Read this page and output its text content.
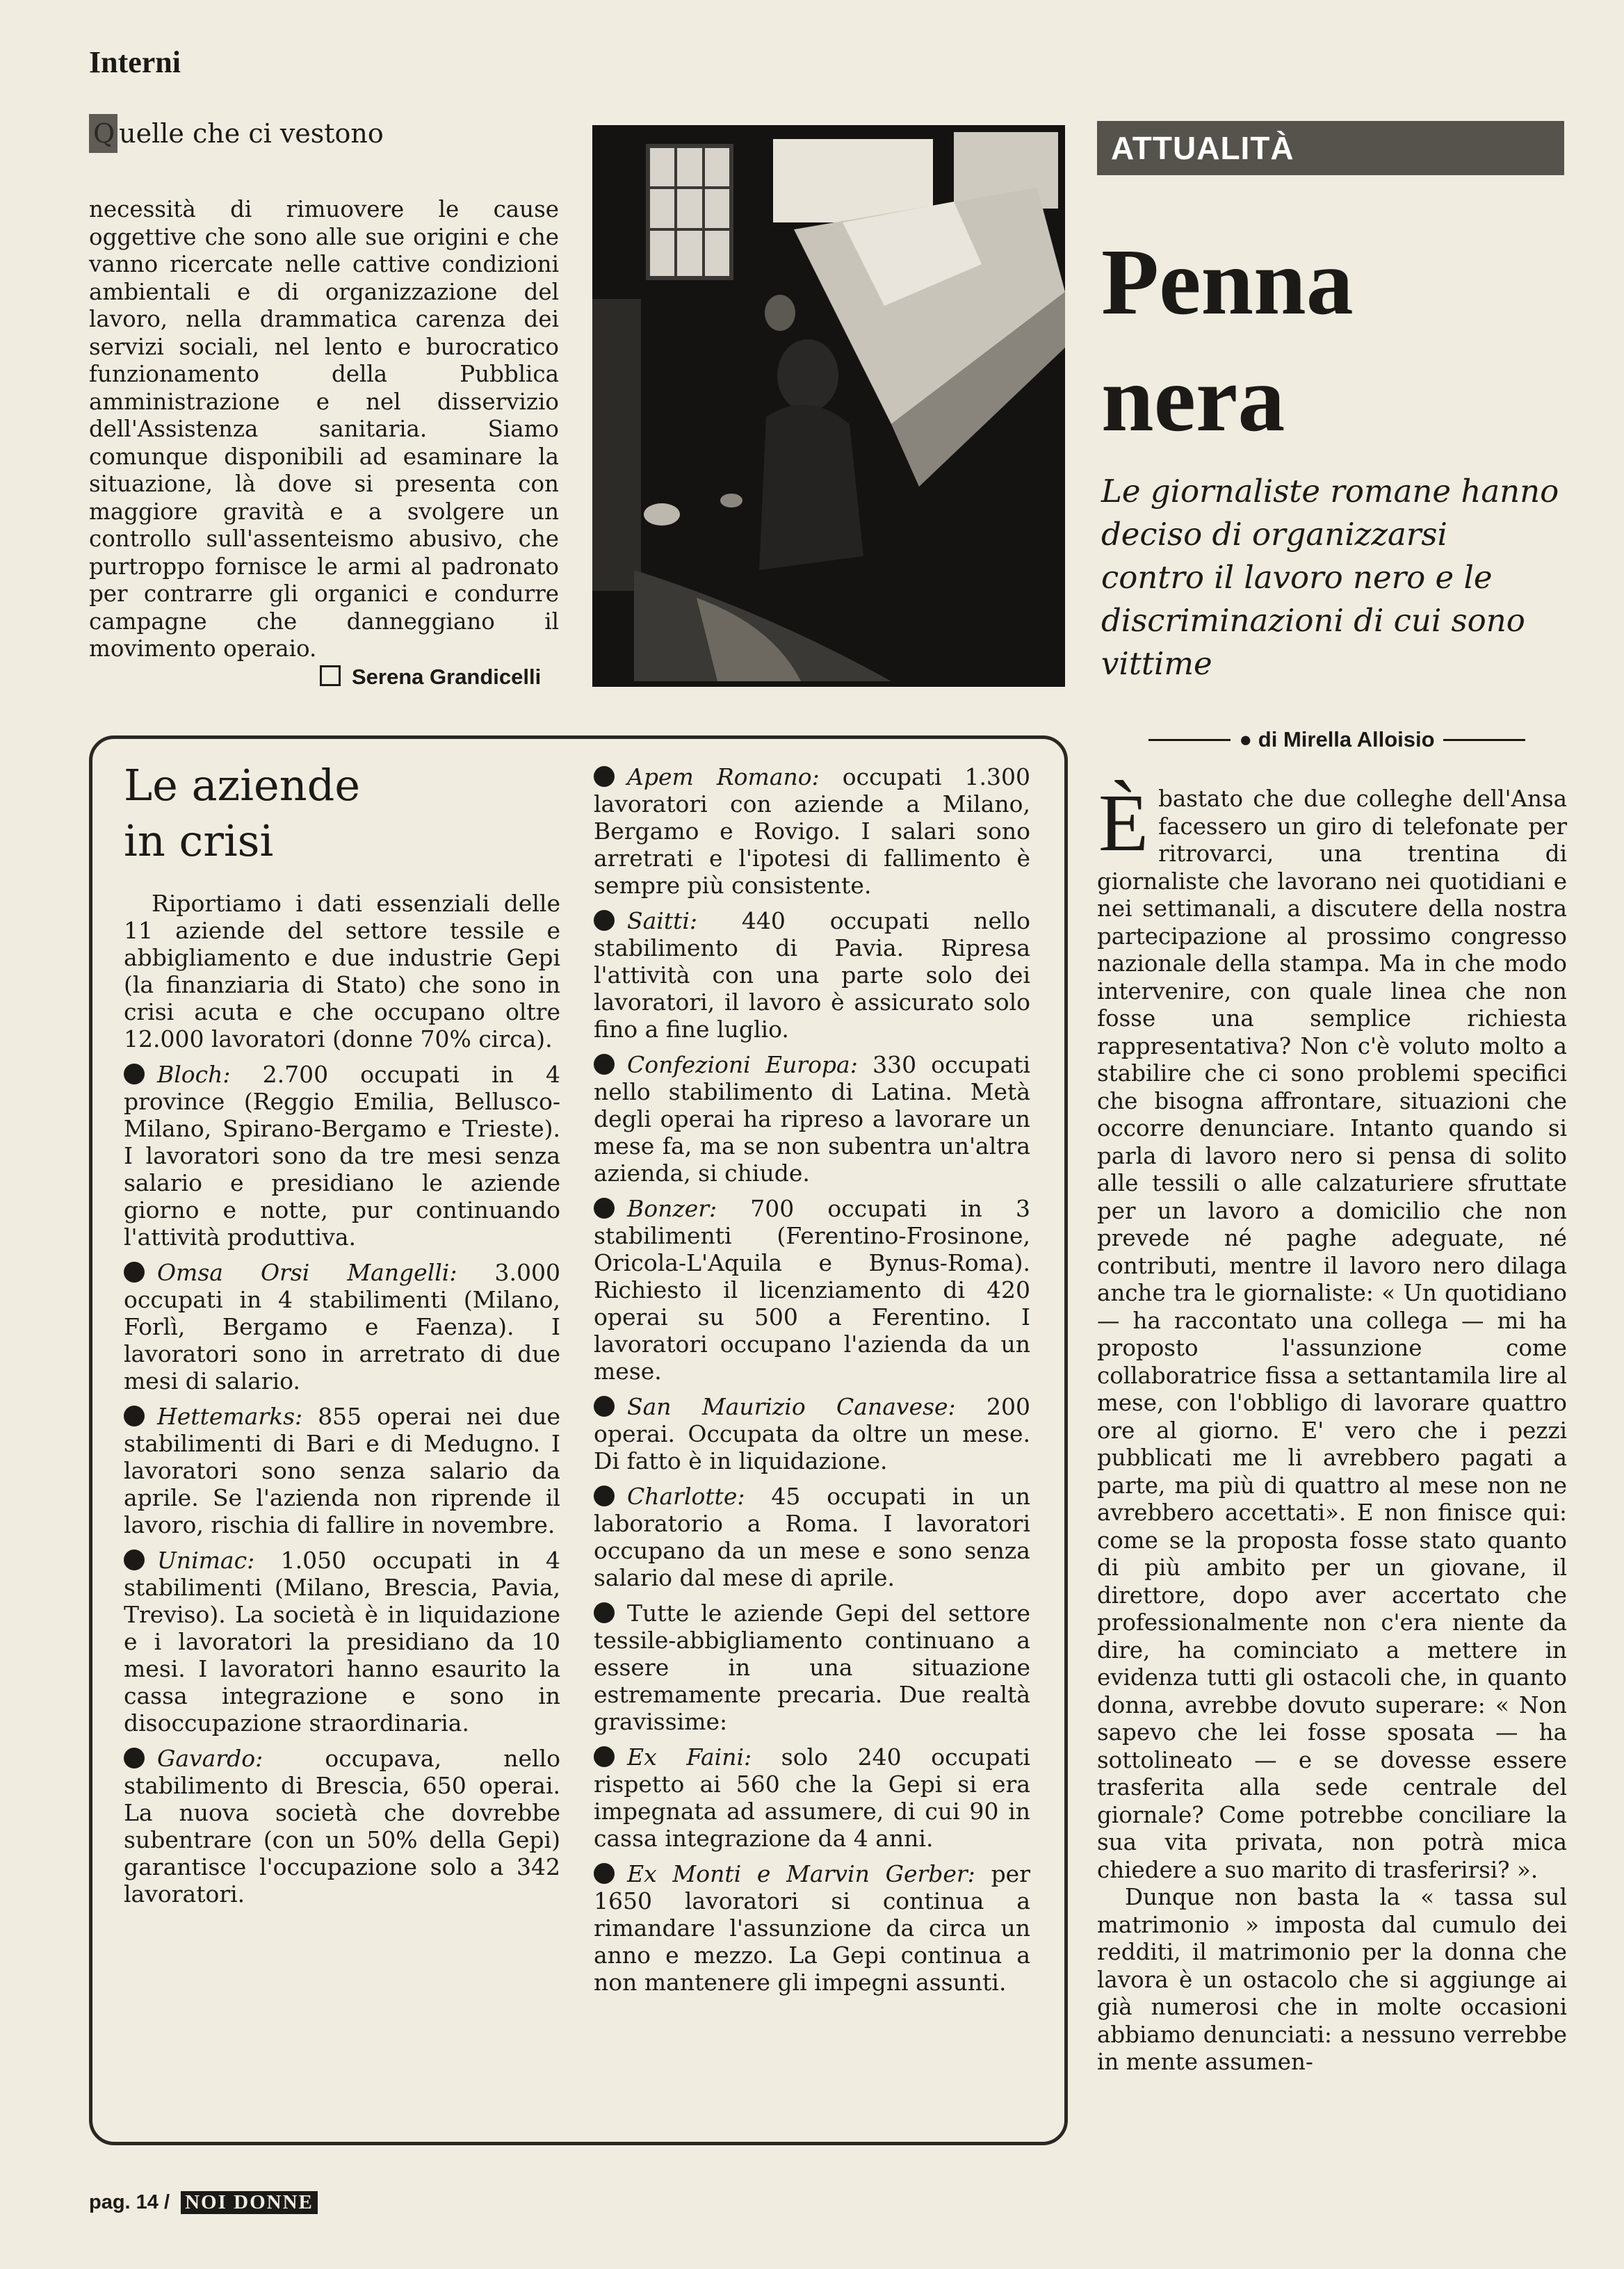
Interni
Q uelle che ci vestono

necessità di rimuovere le cause oggettive che sono alle sue origini e che vanno ricercate nelle cattive condizioni ambientali e di organizzazione del lavoro, nella drammatica carenza dei servizi sociali, nel lento e burocratico funzionamento della Pubblica amministrazione e nel disservizio dell'Assistenza sanitaria. Siamo comunque disponibili ad esaminare la situazione, là dove si presenta con maggiore gravità e a svolgere un controllo sull'assenteismo abusivo, che purtroppo fornisce le armi al padronato per contrarre gli organici e condurre campagne che danneggiano il movimento operaio.

Serena Grandicelli
ATTUALITÀ
Penna
nera
Le giornaliste romane hanno deciso di organizzarsi contro il lavoro nero e le discriminazioni di cui sono vittime
● di Mirella Alloisio

Èbastato che due colleghe dell'Ansa facessero un giro di telefonate per ritrovarci, una trentina di giornaliste che lavorano nei quotidiani e nei settimanali, a discutere della nostra partecipazione al prossimo congresso nazionale della stampa. Ma in che modo intervenire, con quale linea che non fosse una semplice richiesta rappresentativa? Non c'è voluto molto a stabilire che ci sono problemi specifici che bisogna affrontare, situazioni che occorre denunciare. Intanto quando si parla di lavoro nero si pensa di solito alle tessili o alle calzaturiere sfruttate per un lavoro a domicilio che non prevede né paghe adeguate, né contributi, mentre il lavoro nero dilaga anche tra le giornaliste: « Un quotidiano — ha raccontato una collega — mi ha proposto l'assunzione come collaboratrice fissa a settantamila lire al mese, con l'obbligo di lavorare quattro ore al giorno. E' vero che i pezzi pubblicati me li avrebbero pagati a parte, ma più di quattro al mese non ne avrebbero accettati». E non finisce qui: come se la proposta fosse stato quanto di più ambito per un giovane, il direttore, dopo aver accertato che professionalmente non c'era niente da dire, ha cominciato a mettere in evidenza tutti gli ostacoli che, in quanto donna, avrebbe dovuto superare: « Non sapevo che lei fosse sposata — ha sottolineato — e se dovesse essere trasferita alla sede centrale del giornale? Come potrebbe conciliare la sua vita privata, non potrà mica chiedere a suo marito di trasferirsi? ».

Dunque non basta la « tassa sul matrimonio » imposta dal cumulo dei redditi, il matrimonio per la donna che lavora è un ostacolo che si aggiunge ai già numerosi che in molte occasioni abbiamo denunciati: a nessuno verrebbe in mente assumen-

Le aziende
in crisi

Riportiamo i dati essenziali delle 11 aziende del settore tessile e abbigliamento e due industrie Gepi (la finanziaria di Stato) che sono in crisi acuta e che occupano oltre 12.000 lavoratori (donne 70% circa).

Bloch: 2.700 occupati in 4 province (Reggio Emilia, Bellusco-Milano, Spirano-Bergamo e Trieste). I lavoratori sono da tre mesi senza salario e presidiano le aziende giorno e notte, pur continuando l'attività produttiva.

Omsa Orsi Mangelli: 3.000 occupati in 4 stabilimenti (Milano, Forlì, Bergamo e Faenza). I lavoratori sono in arretrato di due mesi di salario.

Hettemarks: 855 operai nei due stabilimenti di Bari e di Medugno. I lavoratori sono senza salario da aprile. Se l'azienda non riprende il lavoro, rischia di fallire in novembre.

Unimac: 1.050 occupati in 4 stabilimenti (Milano, Brescia, Pavia, Treviso). La società è in liquidazione e i lavoratori la presidiano da 10 mesi. I lavoratori hanno esaurito la cassa integrazione e sono in disoccupazione straordinaria.

Gavardo:	occupava, nello stabilimento di Brescia, 650 operai. La nuova società che dovrebbe subentrare (con un 50% della Gepi) garantisce l'occupazione solo a 342 lavoratori.

Apem Romano: occupati 1.300 lavoratori con aziende a Milano, Bergamo e Rovigo. I salari sono arretrati e l'ipotesi di fallimento è sempre più consistente.

Saitti: 440 occupati nello stabilimento di Pavia. Ripresa l'attività con una parte solo dei lavoratori, il lavoro è assicurato solo fino a fine luglio.

Confezioni Europa: 330 occupati nello stabilimento di Latina. Metà degli operai ha ripreso a lavorare un mese fa, ma se non subentra un'altra azienda, si chiude.

Bonzer: 700 occupati in 3 stabilimenti (Ferentino-Frosinone, Oricola-L'Aquila e Bynus-Roma). Richiesto il licenziamento di 420 operai su 500 a Ferentino. I lavoratori occupano l'azienda da un mese.

San Maurizio Canavese: 200 operai. Occupata da oltre un mese. Di fatto è in liquidazione.

Charlotte: 45 occupati in un laboratorio a Roma. I lavoratori occupano da un mese e sono senza salario dal mese di aprile.

Tutte le aziende Gepi del settore tessile-abbigliamento continuano a essere in una situazione estremamente precaria. Due realtà gravissime:

Ex Faini: solo 240 occupati rispetto ai 560 che la Gepi si era impegnata ad assumere, di cui 90 in cassa integrazione da 4 anni.

Ex Monti e Marvin Gerber: per 1650 lavoratori si continua a rimandare l'assunzione da circa un anno e mezzo. La Gepi continua a non mantenere gli impegni assunti.

pag. 14 / NOI DONNE
